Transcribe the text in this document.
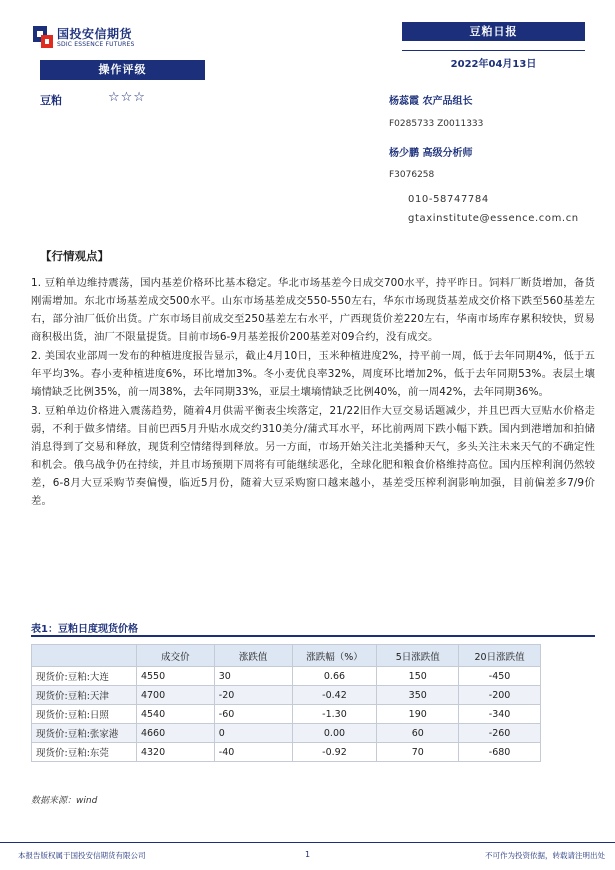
国投安信期货
SDIC ESSENCE FUTURES
豆粕日报
2022年04月13日
操作评级
豆粕	☆☆☆	杨蕊霞 农产品组长
F0285733 Z0011333
杨少鹏 高级分析师
F3076258
010-58747784
gtaxinstitute@essence.com.cn
【行情观点】

1. 豆粕单边维持震荡，国内基差价格环比基本稳定。华北市场基差今日成交700水平，持平昨日。饲料厂断货增加，备货刚需增加。东北市场基差成交500水平。山东市场基差成交550-550左右，华东市场现货基差成交价格下跌至560基差左右，部分油厂低价出货。广东市场目前成交至250基差左右水平，广西现货价差220左右，华南市场库存累积较快，贸易商积极出货，油厂不限量提货。目前市场6-9月基差报价200基差对09合约，没有成交。

2. 美国农业部周一发布的种植进度报告显示，截止4月10日，玉米种植进度2%，持平前一周，低于去年同期4%，低于五年平均3%。春小麦种植进度6%，环比增加3%。冬小麦优良率32%，周度环比增加2%，低于去年同期53%。表层土壤墒情缺乏比例35%，前一周38%，去年同期33%，亚层土壤墒情缺乏比例40%，前一周42%，去年同期36%。

3. 豆粕单边价格进入震荡趋势，随着4月供需平衡表尘埃落定，21/22旧作大豆交易话题减少，并且巴西大豆贴水价格走弱，不利于做多情绪。目前巴西5月升贴水成交约310美分/蒲式耳水平，环比前两周下跌小幅下跌。国内到港增加和拍储消息得到了交易和释放，现货利空情绪得到释放。另一方面，市场开始关注北美播种天气，多头关注未来天气的不确定性和机会。俄乌战争仍在持续，并且市场预期下周将有可能继续恶化，全球化肥和粮食价格维持高位。国内压榨利润仍然较差，6-8月大豆采购节奏偏慢，临近5月份，随着大豆采购窗口越来越小，基差受压榨利润影响加强，目前偏差多7/9价差。

表1：豆粕日度现货价格
	成交价	涨跌值	涨跌幅（%）	5日涨跌值	20日涨跌值
现货价:豆粕:大连	4550	30	0.66	150	-450
现货价:豆粕:天津	4700	-20	-0.42	350	-200
现货价:豆粕:日照	4540	-60	-1.30	190	-340
现货价:豆粕:张家港	4660	0	0.00	60	-260
现货价:豆粕:东莞	4320	-40	-0.92	70	-680
数据来源：wind
本报告版权属于国投安信期货有限公司	1	不可作为投资依据，转载请注明出处
